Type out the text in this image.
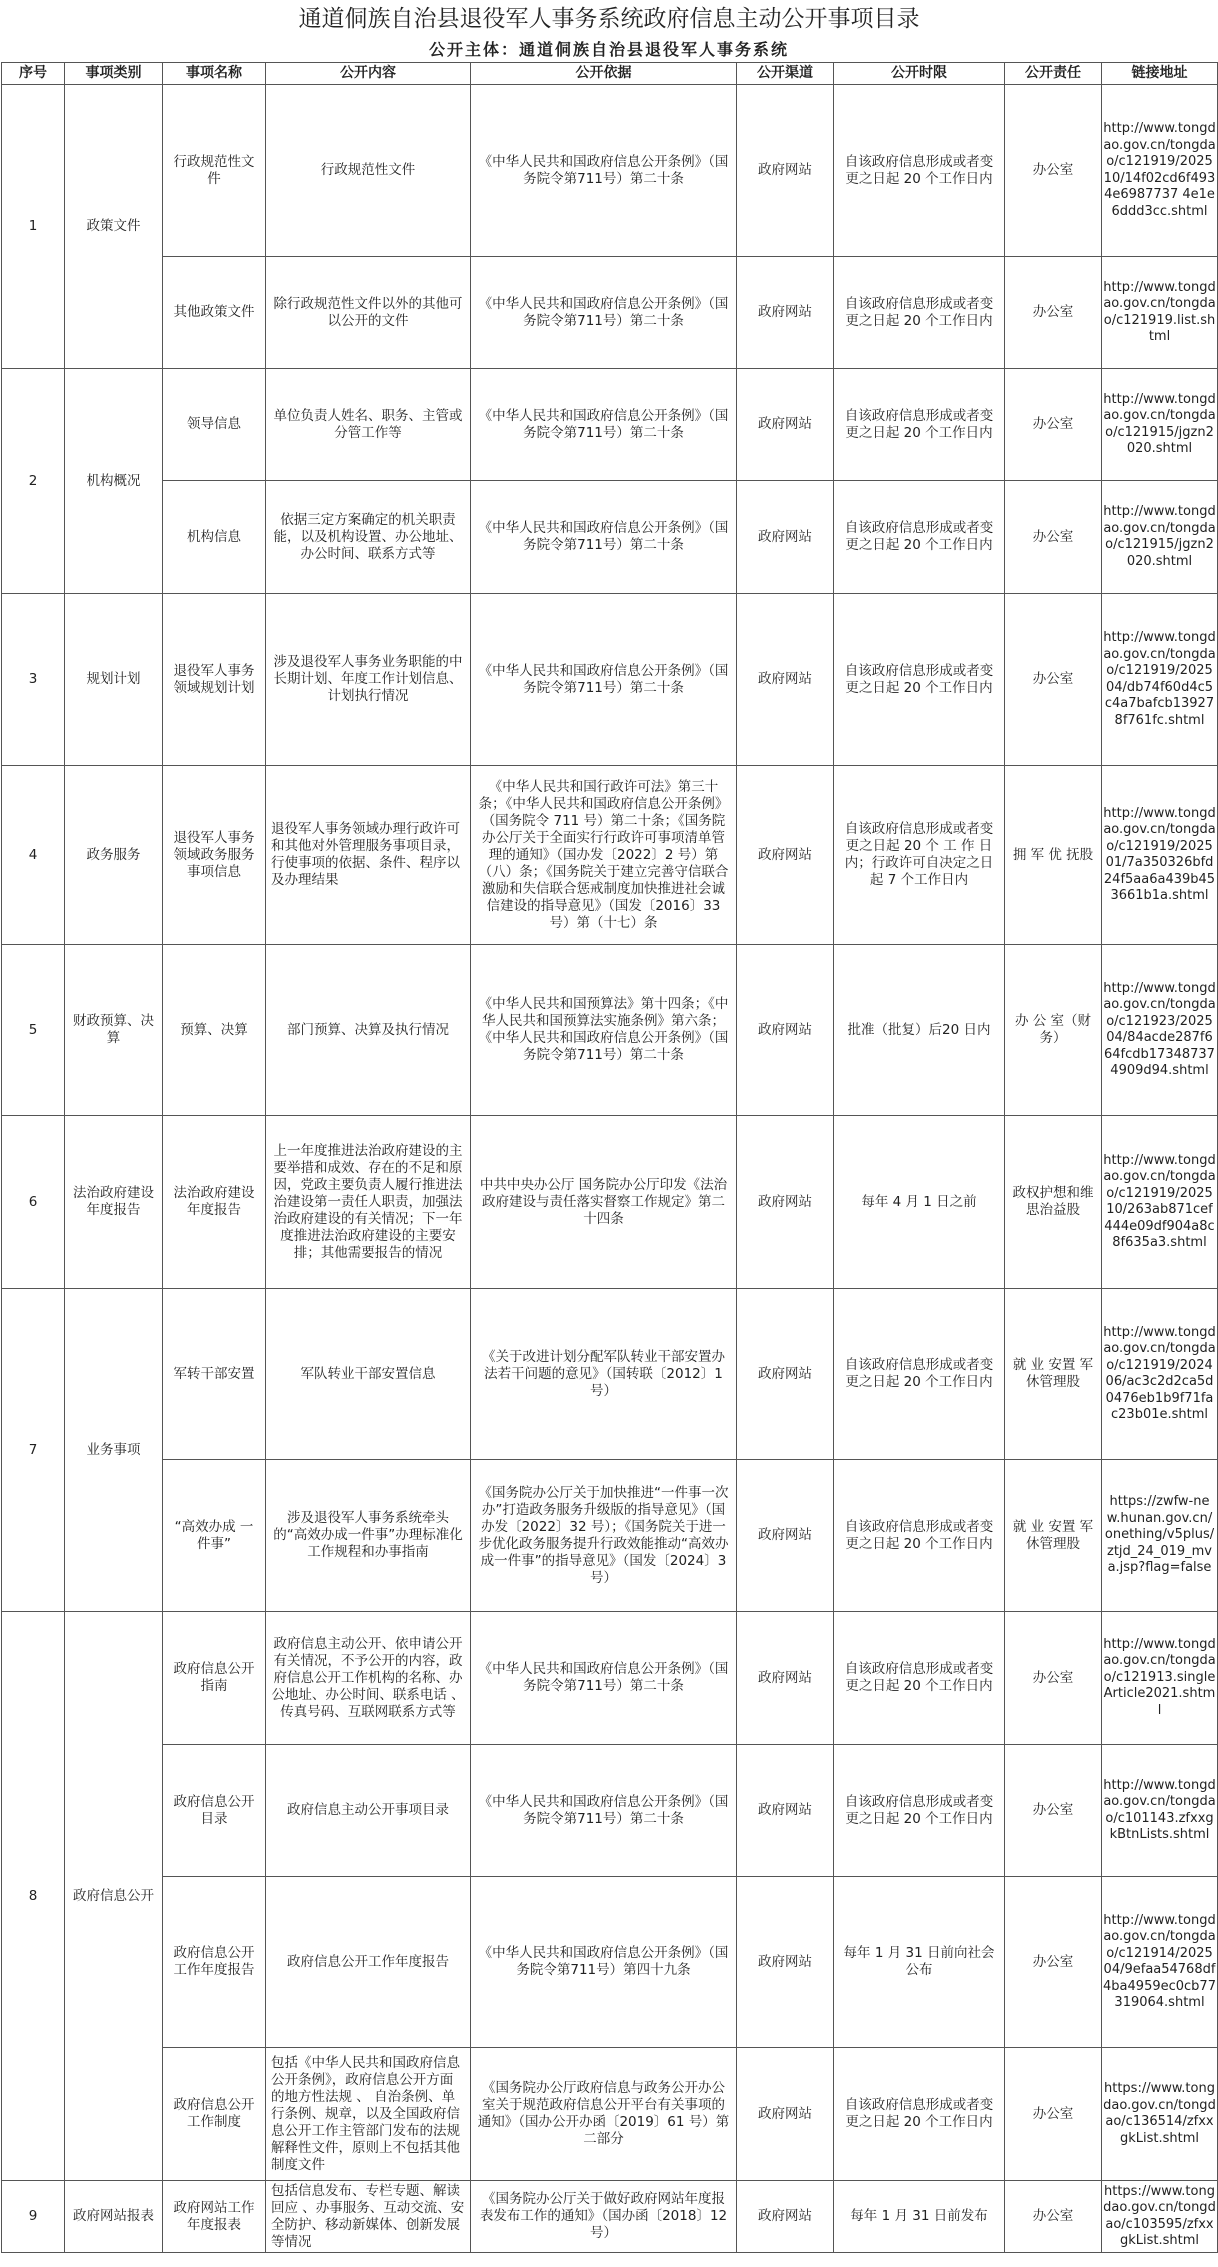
通道侗族自治县退役军人事务系统政府信息主动公开事项目录
公开主体：通道侗族自治县退役军人事务系统
序号	事项类别	事项名称	公开内容	公开依据	公开渠道	公开时限	公开责任	链接地址
1	政策文件	行政规范性文件	行政规范性文件	《中华人民共和国政府信息公开条例》（国务院令第711号）第二十条	政府网站	自该政府信息形成或者变更之日起 20 个工作日内	办公室	http://www.tongdao.gov.cn/tongdao/c121919/202510/14f02cd6f4934e6987737 4e1e6ddd3cc.shtml
		其他政策文件	除行政规范性文件以外的其他可以公开的文件	《中华人民共和国政府信息公开条例》（国务院令第711号）第二十条	政府网站	自该政府信息形成或者变更之日起 20 个工作日内	办公室	http://www.tongdao.gov.cn/tongdao/c121919.list.shtml
2	机构概况	领导信息	单位负责人姓名、职务、主管或分管工作等	《中华人民共和国政府信息公开条例》（国务院令第711号）第二十条	政府网站	自该政府信息形成或者变更之日起 20 个工作日内	办公室	http://www.tongdao.gov.cn/tongdao/c121915/jgzn2020.shtml
		机构信息	依据三定方案确定的机关职责能，以及机构设置、办公地址、办公时间、联系方式等	《中华人民共和国政府信息公开条例》（国务院令第711号）第二十条	政府网站	自该政府信息形成或者变更之日起 20 个工作日内	办公室	http://www.tongdao.gov.cn/tongdao/c121915/jgzn2020.shtml
3	规划计划	退役军人事务领域规划计划	涉及退役军人事务业务职能的中长期计划、年度工作计划信息、计划执行情况	《中华人民共和国政府信息公开条例》（国务院令第711号）第二十条	政府网站	自该政府信息形成或者变更之日起 20 个工作日内	办公室	http://www.tongdao.gov.cn/tongdao/c121919/202504/db74f60d4c5c4a7bafcb139278f761fc.shtml
4	政务服务	退役军人事务领域政务服务事项信息	退役军人事务领域办理行政许可和其他对外管理服务事项目录，行使事项的依据、条件、程序以及办理结果	《中华人民共和国行政许可法》第三十条；《中华人民共和国政府信息公开条例》（国务院令 711 号）第二十条；《国务院办公厅关于全面实行行政许可事项清单管理的通知》（国办发〔2022〕2 号）第（八）条；《国务院关于建立完善守信联合激励和失信联合惩戒制度加快推进社会诚信建设的指导意见》（国发〔2016〕33 号）第（十七）条	政府网站	自该政府信息形成或者变更之日起 20 个 工 作 日内；行政许可自决定之日起 7 个工作日内	拥 军 优 抚股	http://www.tongdao.gov.cn/tongdao/c121919/202501/7a350326bfd24f5aa6a439b453661b1a.shtml
5	财政预算、决算	预算、决算	部门预算、决算及执行情况	《中华人民共和国预算法》第十四条；《中华人民共和国预算法实施条例》第六条；《中华人民共和国政府信息公开条例》（国务院令第711号）第二十条	政府网站	批准（批复）后20 日内	办 公 室（财务）	http://www.tongdao.gov.cn/tongdao/c121923/202504/84acde287f664fcdb173487374909d94.shtml
6	法治政府建设年度报告	法治政府建设年度报告	上一年度推进法治政府建设的主要举措和成效、存在的不足和原因，党政主要负责人履行推进法治建设第一责任人职责，加强法治政府建设的有关情况；下一年度推进法治政府建设的主要安排；其他需要报告的情况	中共中央办公厅 国务院办公厅印发《法治政府建设与责任落实督察工作规定》第二十四条	政府网站	每年 4 月 1 日之前	政权护想和维思治益股	http://www.tongdao.gov.cn/tongdao/c121919/202510/263ab871cef444e09df904a8c8f635a3.shtml
7	业务事项	军转干部安置	军队转业干部安置信息	《关于改进计划分配军队转业干部安置办法若干问题的意见》（国转联〔2012〕1 号）	政府网站	自该政府信息形成或者变更之日起 20 个工作日内	就 业 安置 军 休管理股	http://www.tongdao.gov.cn/tongdao/c121919/202406/ac3c2d2ca5d0476eb1b9f71fac23b01e.shtml
		“高效办成 一 件事”	涉及退役军人事务系统牵头的“高效办成一件事”办理标准化工作规程和办事指南	《国务院办公厅关于加快推进“一件事一次办”打造政务服务升级版的指导意见》（国办发〔2022〕32 号）；《国务院关于进一步优化政务服务提升行政效能推动“高效办成一件事”的指导意见》（国发〔2024〕3 号）	政府网站	自该政府信息形成或者变更之日起 20 个工作日内	就 业 安置 军 休管理股	https://zwfw-new.hunan.gov.cn/onething/v5plus/ztjd_24_019_mva.jsp?flag=false
8	政府信息公开	政府信息公开指南	政府信息主动公开、依申请公开有关情况，不予公开的内容，政府信息公开工作机构的名称、办公地址、办公时间、联系电话 、传真号码、互联网联系方式等	《中华人民共和国政府信息公开条例》（国务院令第711号）第二十条	政府网站	自该政府信息形成或者变更之日起 20 个工作日内	办公室	http://www.tongdao.gov.cn/tongdao/c121913.singleArticle2021.shtml
		政府信息公开目录	政府信息主动公开事项目录	《中华人民共和国政府信息公开条例》（国务院令第711号）第二十条	政府网站	自该政府信息形成或者变更之日起 20 个工作日内	办公室	http://www.tongdao.gov.cn/tongdao/c101143.zfxxgkBtnLists.shtml
		政府信息公开工作年度报告	政府信息公开工作年度报告	《中华人民共和国政府信息公开条例》（国务院令第711号）第四十九条	政府网站	每年 1 月 31 日前向社会公布	办公室	http://www.tongdao.gov.cn/tongdao/c121914/202504/9efaa54768df4ba4959ec0cb77319064.shtml
		政府信息公开工作制度	包括《中华人民共和国政府信息公开条例》，政府信息公开方面的地方性法规 、 自治条例、单行条例、规章，以及全国政府信息公开工作主管部门发布的法规解释性文件，原则上不包括其他制度文件	《国务院办公厅政府信息与政务公开办公室关于规范政府信息公开平台有关事项的通知》（国办公开办函〔2019〕61 号）第二部分	政府网站	自该政府信息形成或者变更之日起 20 个工作日内	办公室	https://www.tongdao.gov.cn/tongdao/c136514/zfxxgkList.shtml
9	政府网站报表	政府网站工作年度报表	包括信息发布、专栏专题、解读回应 、办事服务、互动交流、安全防护、移动新媒体、创新发展等情况	《国务院办公厅关于做好政府网站年度报表发布工作的通知》（国办函〔2018〕12 号）	政府网站	每年 1 月 31 日前发布	办公室	https://www.tongdao.gov.cn/tongdao/c103595/zfxxgkList.shtml
